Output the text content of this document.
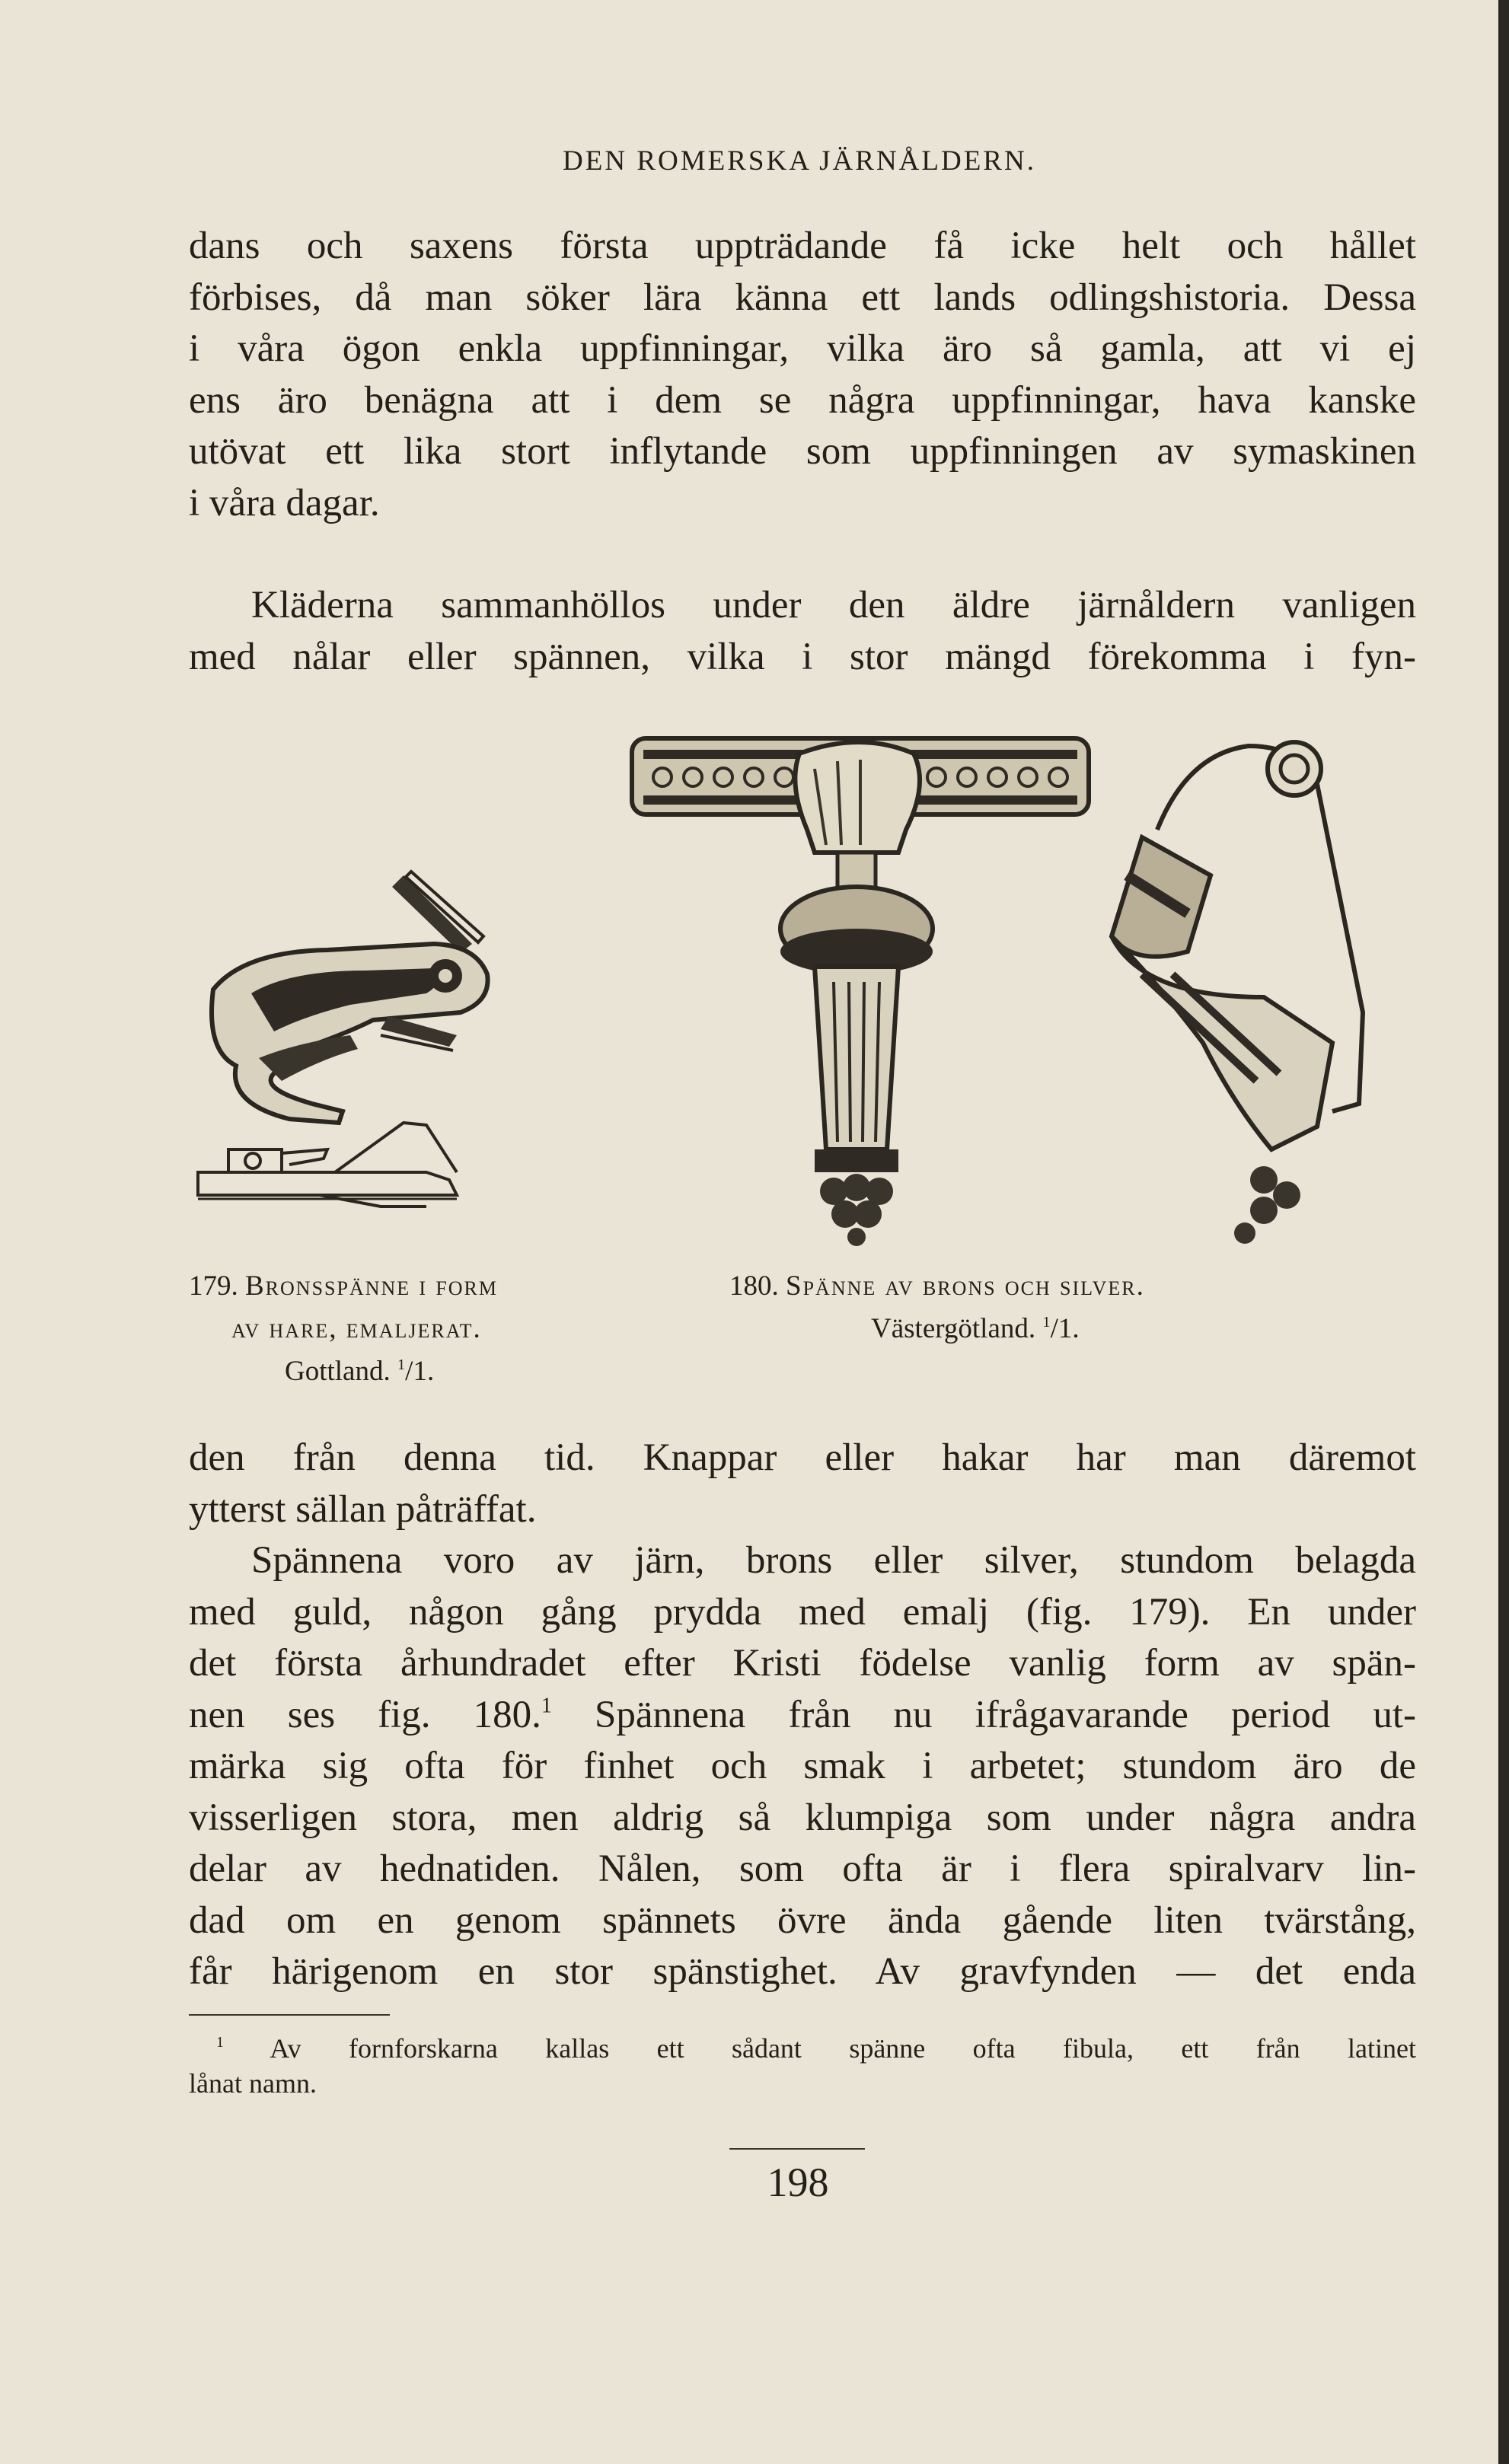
DEN ROMERSKA JÄRNÅLDERN.

dans och saxens första uppträdande få icke helt och hållet
förbises, då man söker lära känna ett lands odlingshistoria. Dessa
i våra ögon enkla uppfinningar, vilka äro så gamla, att vi ej
ens äro benägna att i dem se några uppfinningar, hava kanske
utövat ett lika stort inflytande som uppfinningen av symaskinen
i våra dagar.

Kläderna sammanhöllos under den äldre järnåldern vanligen
med nålar eller spännen, vilka i stor mängd förekomma i fyn-

179. Bronsspänne i form
av hare, emaljerat.
Gottland. $^1$/1.
180. Spänne av brons och silver.
Västergötland. $^1$/1.

den från denna tid. Knappar eller hakar har man däremot
ytterst sällan påträffat.
Spännena voro av järn, brons eller silver, stundom belagda
med guld, någon gång prydda med emalj (fig. 179). En under
det första århundradet efter Kristi födelse vanlig form av spän-
nen ses fig. 180.$^1$ Spännena från nu ifrågavarande period ut-
märka sig ofta för finhet och smak i arbetet; stundom äro de
visserligen stora, men aldrig så klumpiga som under några andra
delar av hednatiden. Nålen, som ofta är i flera spiralvarv lin-
dad om en genom spännets övre ända gående liten tvärstång,
får härigenom en stor spänstighet. Av gravfynden — det enda

$^1$ Av fornforskarna kallas ett sådant spänne ofta fibula, ett från latinet
lånat namn.

198
